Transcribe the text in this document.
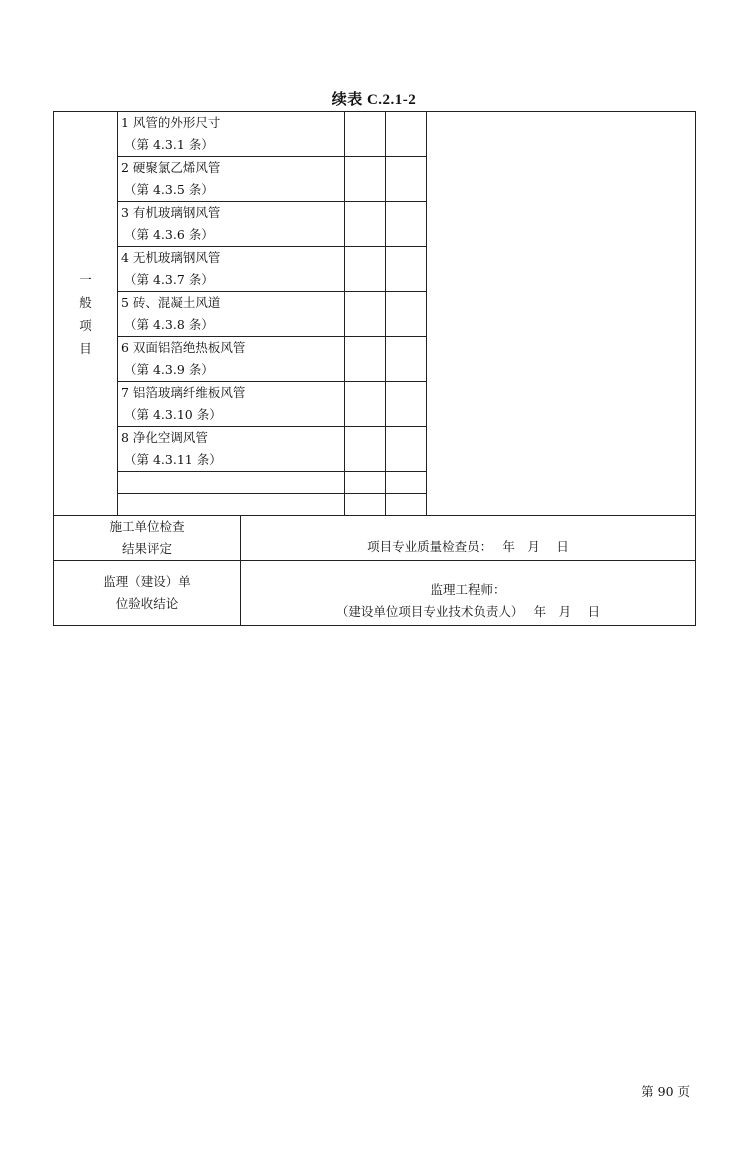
续表 C.2.1-2
一
般
项
目	1 风管的外形尺寸
（第 4.3.1 条）				

	2 硬聚氯乙烯风管
（第 4.3.5 条）				

	3 有机玻璃钢风管
（第 4.3.6 条）				

	4 无机玻璃钢风管
（第 4.3.7 条）				

	5 砖、混凝土风道
（第 4.3.8 条）				

	6 双面铝箔绝热板风管
（第 4.3.9 条）				

	7 铝箔玻璃纤维板风管
（第 4.3.10 条）				

	8 净化空调风管
（第 4.3.11 条）				

施工单位检查
结果评定		项目专业质量检查员：　 年　月　 日			

监理（建设）单
位验收结论		监理工程师：
（建设单位项目专业技术负责人）　 年　月　 日			
第 90 页
